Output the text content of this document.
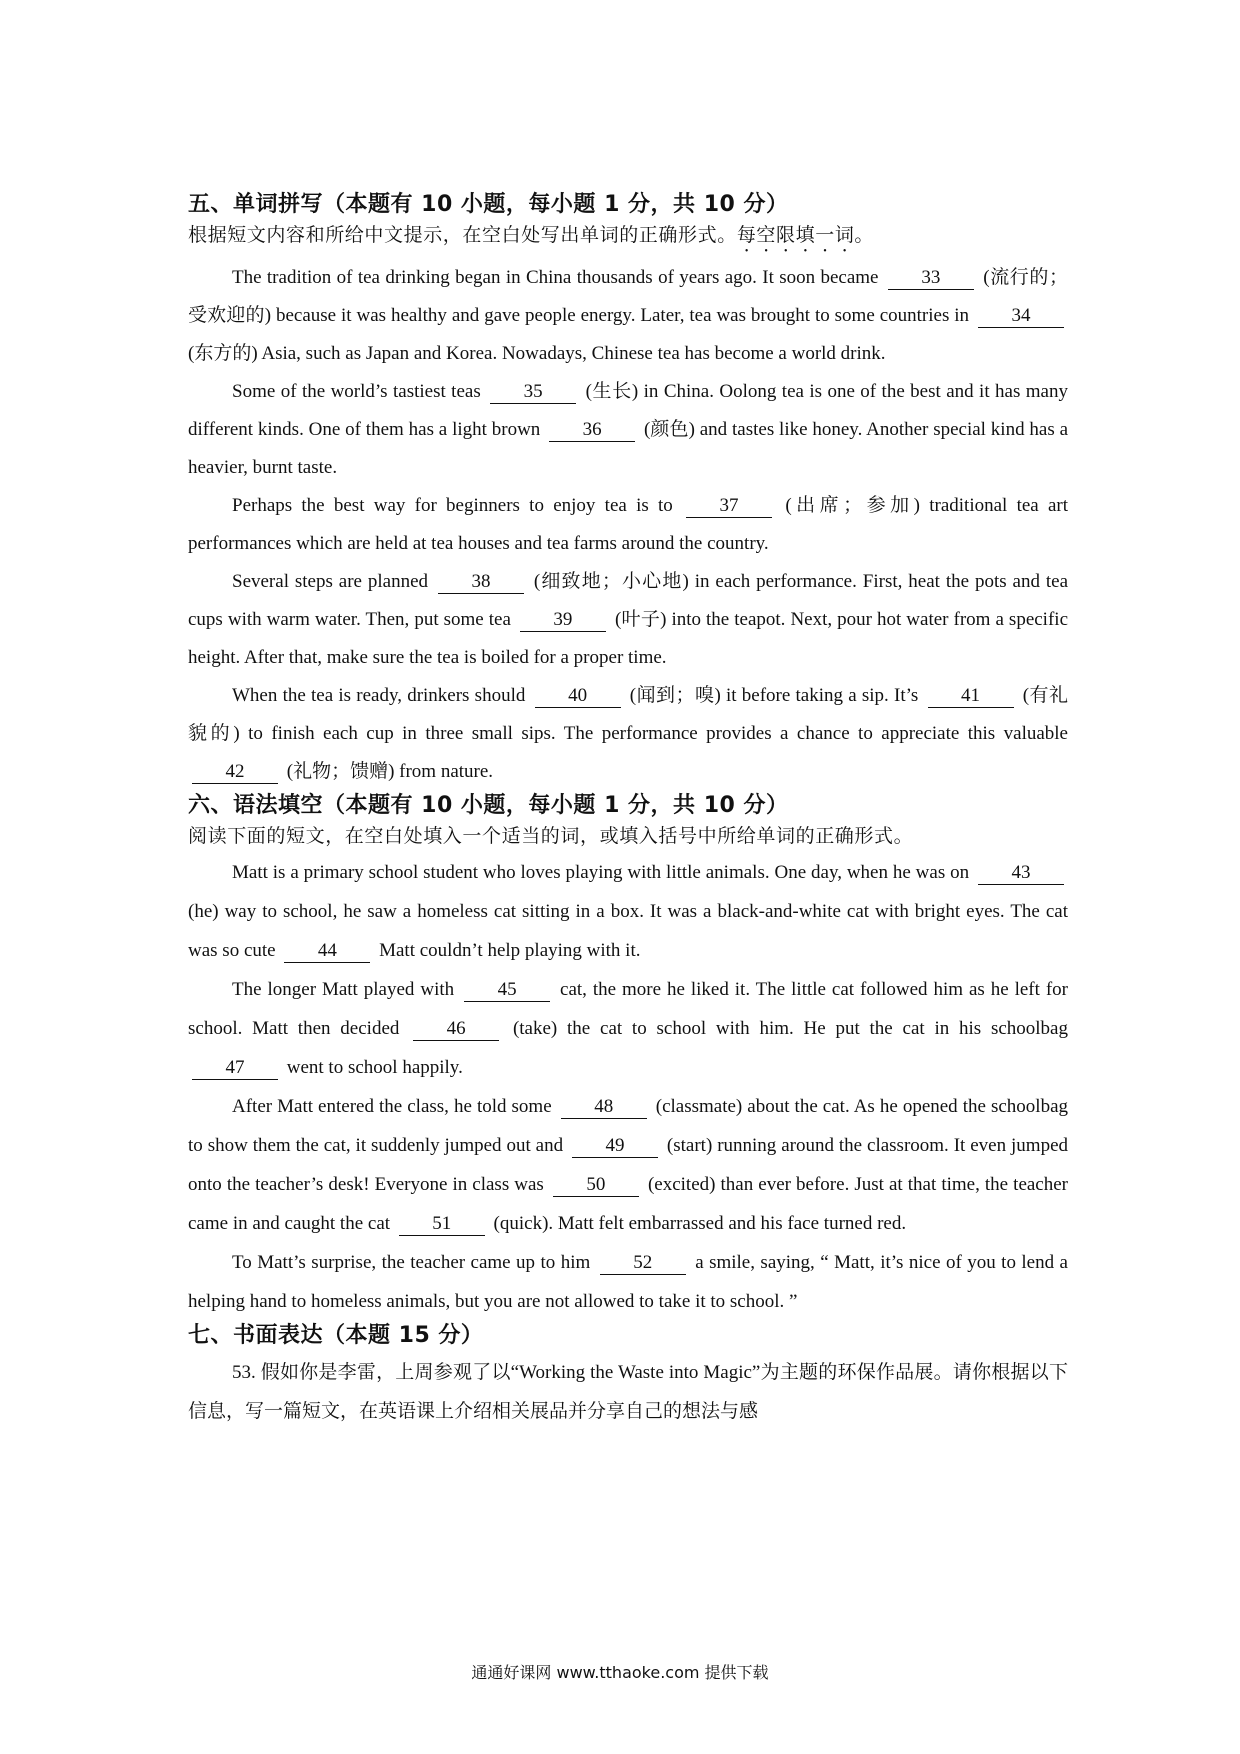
五、单词拼写（本题有 10 小题，每小题 1 分，共 10 分）
根据短文内容和所给中文提示，在空白处写出单词的正确形式。每空限填一词。

The tradition of tea drinking began in China thousands of years ago. It soon became 33 (流行的；受欢迎的) because it was healthy and gave people energy. Later, tea was brought to some countries in 34 (东方的) Asia, such as Japan and Korea. Nowadays, Chinese tea has become a world drink.

Some of the world’s tastiest teas 35 (生长) in China. Oolong tea is one of the best and it has many different kinds. One of them has a light brown 36 (颜色) and tastes like honey. Another special kind has a heavier, burnt taste.

Perhaps the best way for beginners to enjoy tea is to 37 (出席；参加) traditional tea art performances which are held at tea houses and tea farms around the country.

Several steps are planned 38 (细致地；小心地) in each performance. First, heat the pots and tea cups with warm water. Then, put some tea 39 (叶子) into the teapot. Next, pour hot water from a specific height. After that, make sure the tea is boiled for a proper time.

When the tea is ready, drinkers should 40 (闻到；嗅) it before taking a sip. It’s 41 (有礼貌的) to finish each cup in three small sips. The performance provides a chance to appreciate this valuable 42 (礼物；馈赠) from nature.

六、语法填空（本题有 10 小题，每小题 1 分，共 10 分）
阅读下面的短文，在空白处填入一个适当的词，或填入括号中所给单词的正确形式。

Matt is a primary school student who loves playing with little animals. One day, when he was on 43 (he) way to school, he saw a homeless cat sitting in a box. It was a black-and-white cat with bright eyes. The cat was so cute 44 Matt couldn’t help playing with it.

The longer Matt played with 45 cat, the more he liked it. The little cat followed him as he left for school. Matt then decided 46 (take) the cat to school with him. He put the cat in his schoolbag 47 went to school happily.

After Matt entered the class, he told some 48 (classmate) about the cat. As he opened the schoolbag to show them the cat, it suddenly jumped out and 49 (start) running around the classroom. It even jumped onto the teacher’s desk! Everyone in class was 50 (excited) than ever before. Just at that time, the teacher came in and caught the cat 51 (quick). Matt felt embarrassed and his face turned red.

To Matt’s surprise, the teacher came up to him 52 a smile, saying, “ Matt, it’s nice of you to lend a helping hand to homeless animals, but you are not allowed to take it to school. ”

七、书面表达（本题 15 分）

53. 假如你是李雷，上周参观了以“Working the Waste into Magic”为主题的环保作品展。请你根据以下信息，写一篇短文，在英语课上介绍相关展品并分享自己的想法与感

通通好课网 www.tthaoke.com 提供下载
